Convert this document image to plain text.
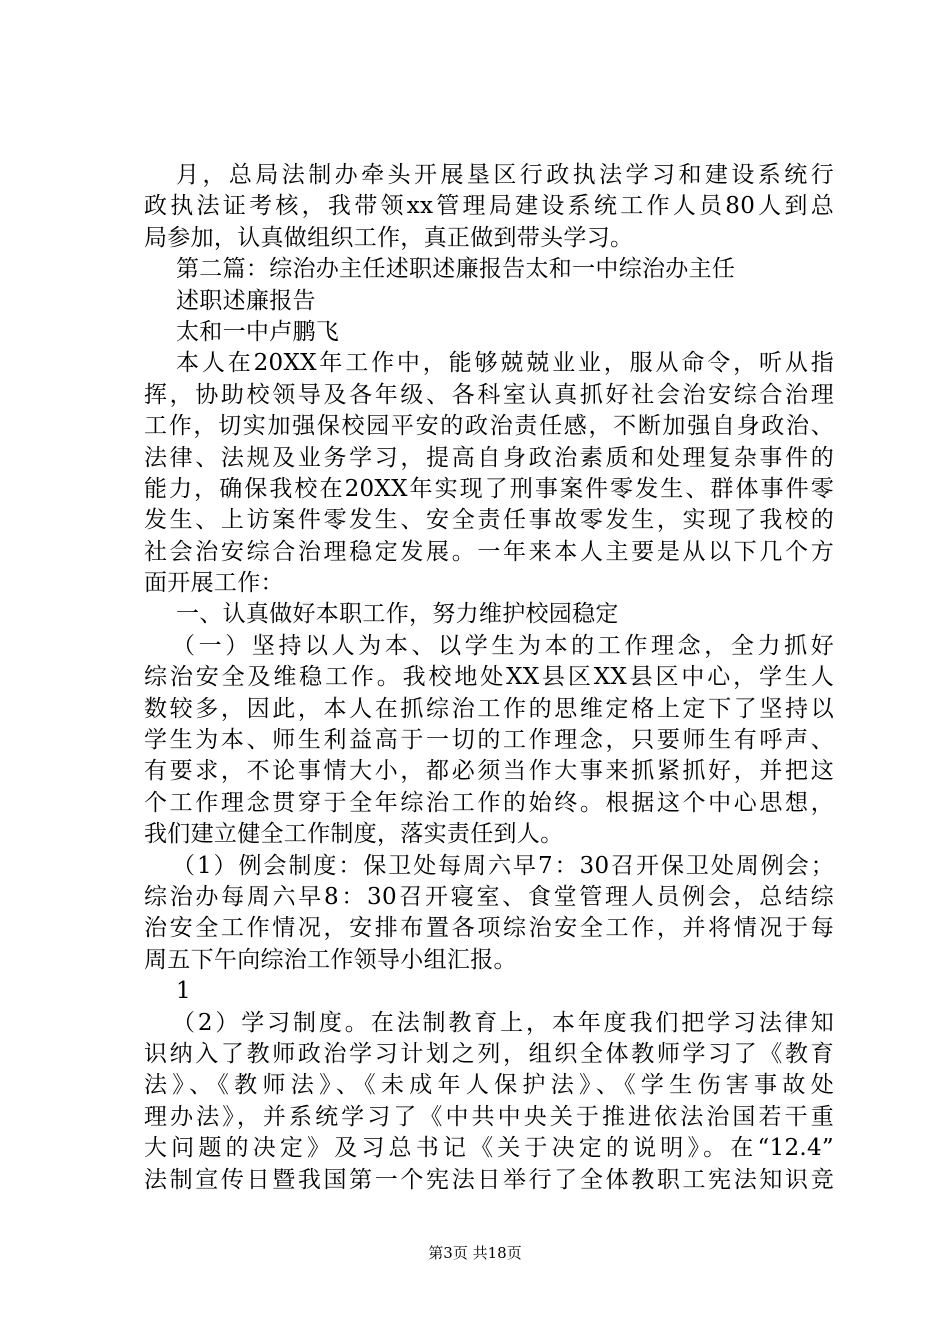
月，总局法制办牵头开展垦区行政执法学习和建设系统行
政执法证考核，我带领xx管理局建设系统工作人员80人到总
局参加，认真做组织工作，真正做到带头学习。
第二篇：综治办主任述职述廉报告太和一中综治办主任
述职述廉报告
太和一中卢鹏飞
本人在20XX年工作中，能够兢兢业业，服从命令，听从指
挥，协助校领导及各年级、各科室认真抓好社会治安综合治理
工作，切实加强保校园平安的政治责任感，不断加强自身政治、
法律、法规及业务学习，提高自身政治素质和处理复杂事件的
能力，确保我校在20XX年实现了刑事案件零发生、群体事件零
发生、上访案件零发生、安全责任事故零发生，实现了我校的
社会治安综合治理稳定发展。一年来本人主要是从以下几个方
面开展工作：
一、认真做好本职工作，努力维护校园稳定
（一）坚持以人为本、以学生为本的工作理念，全力抓好
综治安全及维稳工作。我校地处XX县区XX县区中心，学生人
数较多，因此，本人在抓综治工作的思维定格上定下了坚持以
学生为本、师生利益高于一切的工作理念，只要师生有呼声、
有要求，不论事情大小，都必须当作大事来抓紧抓好，并把这
个工作理念贯穿于全年综治工作的始终。根据这个中心思想，
我们建立健全工作制度，落实责任到人。
（1）例会制度：保卫处每周六早7：30召开保卫处周例会；
综治办每周六早8：30召开寝室、食堂管理人员例会，总结综
治安全工作情况，安排布置各项综治安全工作，并将情况于每
周五下午向综治工作领导小组汇报。
1
（2）学习制度。在法制教育上，本年度我们把学习法律知
识纳入了教师政治学习计划之列，组织全体教师学习了《教育
法》、《教师法》、《未成年人保护法》、《学生伤害事故处
理办法》，并系统学习了《中共中央关于推进依法治国若干重
大问题的决定》及习总书记《关于决定的说明》。在“12.4”
法制宣传日暨我国第一个宪法日举行了全体教职工宪法知识竞
第3页 共18页
